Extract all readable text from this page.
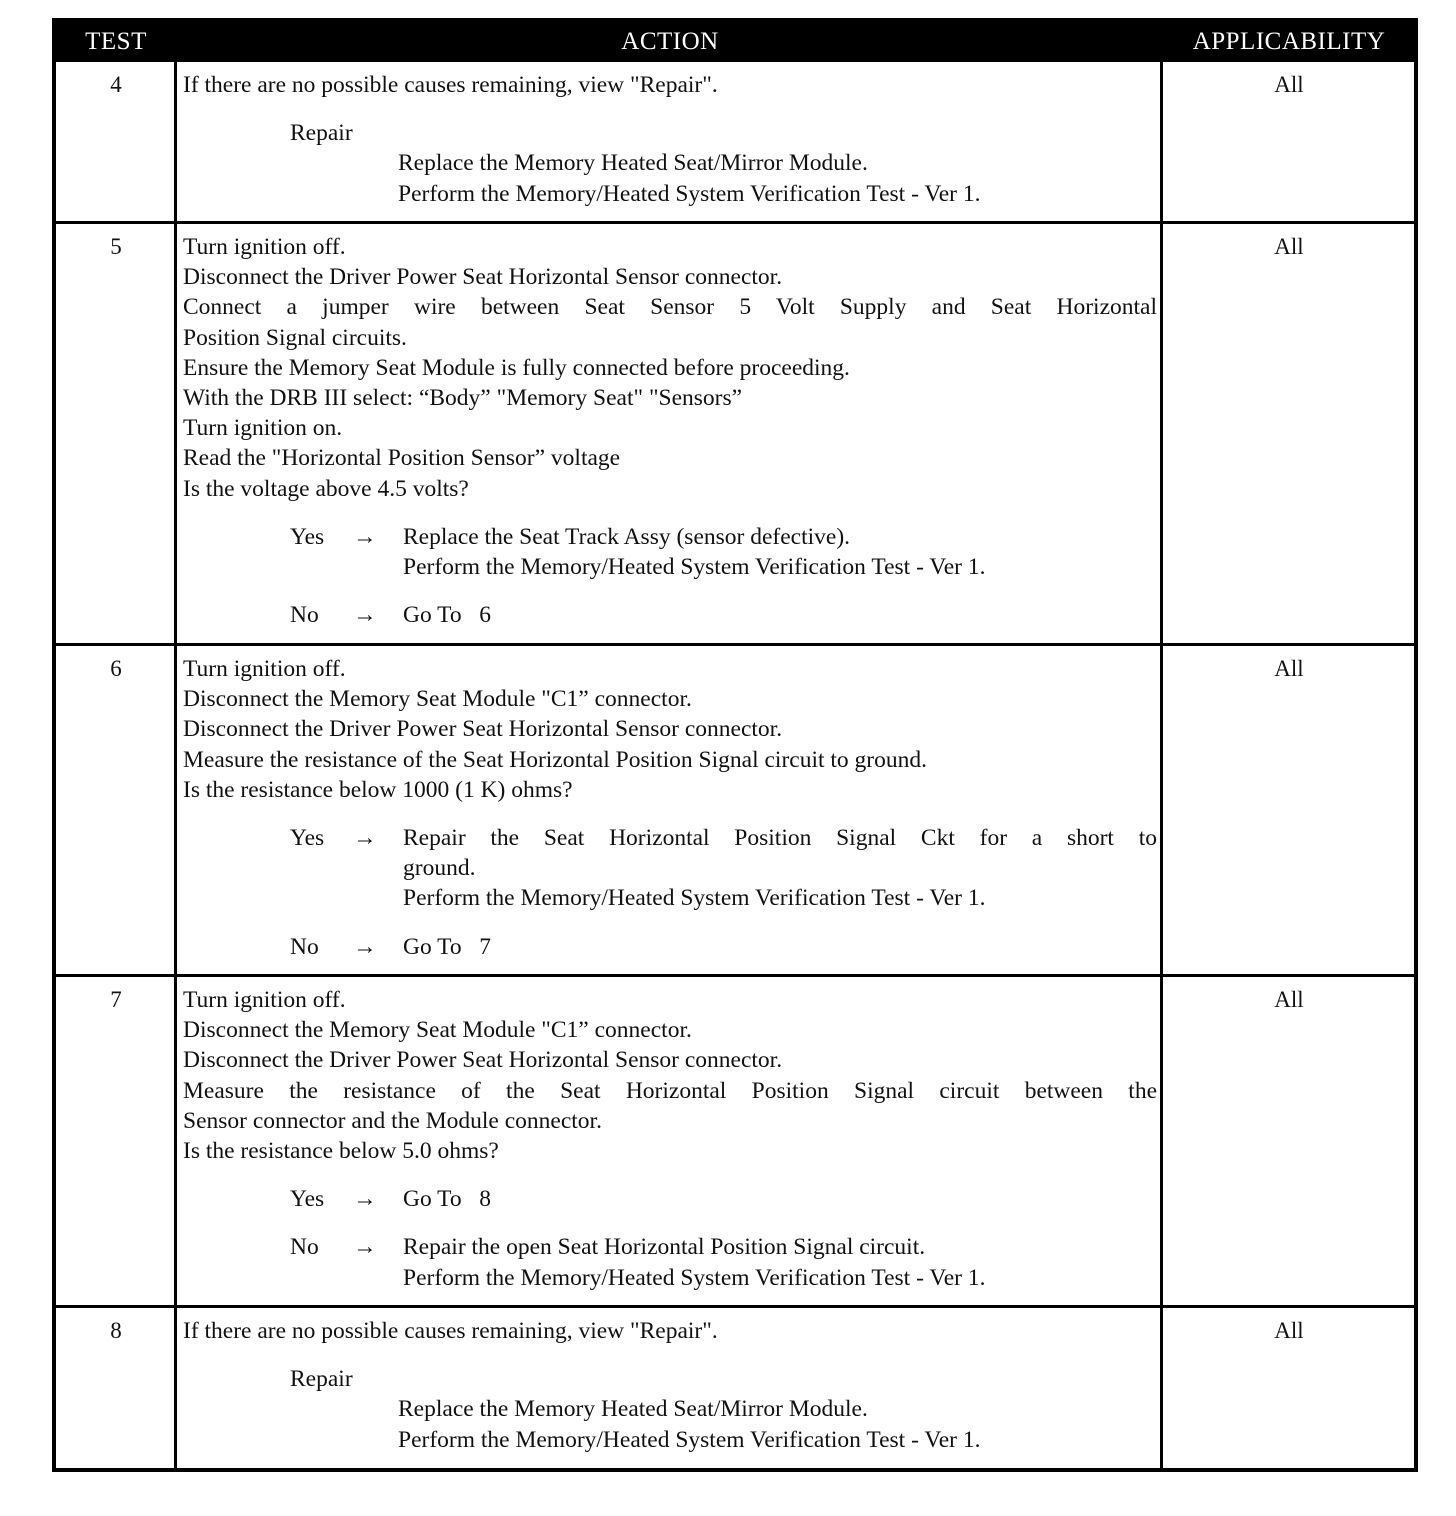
TEST	ACTION	APPLICABILITY
4	If there are no possible causes remaining, view "Repair".
Repair
Replace the Memory Heated Seat/Mirror Module.
Perform the Memory/Heated System Verification Test - Ver 1.
All
5	Turn ignition off.
Disconnect the Driver Power Seat Horizontal Sensor connector.
Connect a jumper wire between Seat Sensor 5 Volt Supply and Seat Horizontal
Position Signal circuits.
Ensure the Memory Seat Module is fully connected before proceeding.
With the DRB III select: “Body” "Memory Seat" "Sensors”
Turn ignition on.
Read the "Horizontal Position Sensor” voltage
Is the voltage above 4.5 volts?
Yes → Replace the Seat Track Assy (sensor defective).
Perform the Memory/Heated System Verification Test - Ver 1.
No → Go To   6
All
6	Turn ignition off.
Disconnect the Memory Seat Module "C1” connector.
Disconnect the Driver Power Seat Horizontal Sensor connector.
Measure the resistance of the Seat Horizontal Position Signal circuit to ground.
Is the resistance below 1000 (1 K) ohms?
Yes → Repair the Seat Horizontal Position Signal Ckt for a short to
ground.
Perform the Memory/Heated System Verification Test - Ver 1.
No → Go To   7
All
7	Turn ignition off.
Disconnect the Memory Seat Module "C1” connector.
Disconnect the Driver Power Seat Horizontal Sensor connector.
Measure the resistance of the Seat Horizontal Position Signal circuit between the
Sensor connector and the Module connector.
Is the resistance below 5.0 ohms?
Yes → Go To   8
No → Repair the open Seat Horizontal Position Signal circuit.
Perform the Memory/Heated System Verification Test - Ver 1.
All
8	If there are no possible causes remaining, view "Repair".
Repair
Replace the Memory Heated Seat/Mirror Module.
Perform the Memory/Heated System Verification Test - Ver 1.
All
